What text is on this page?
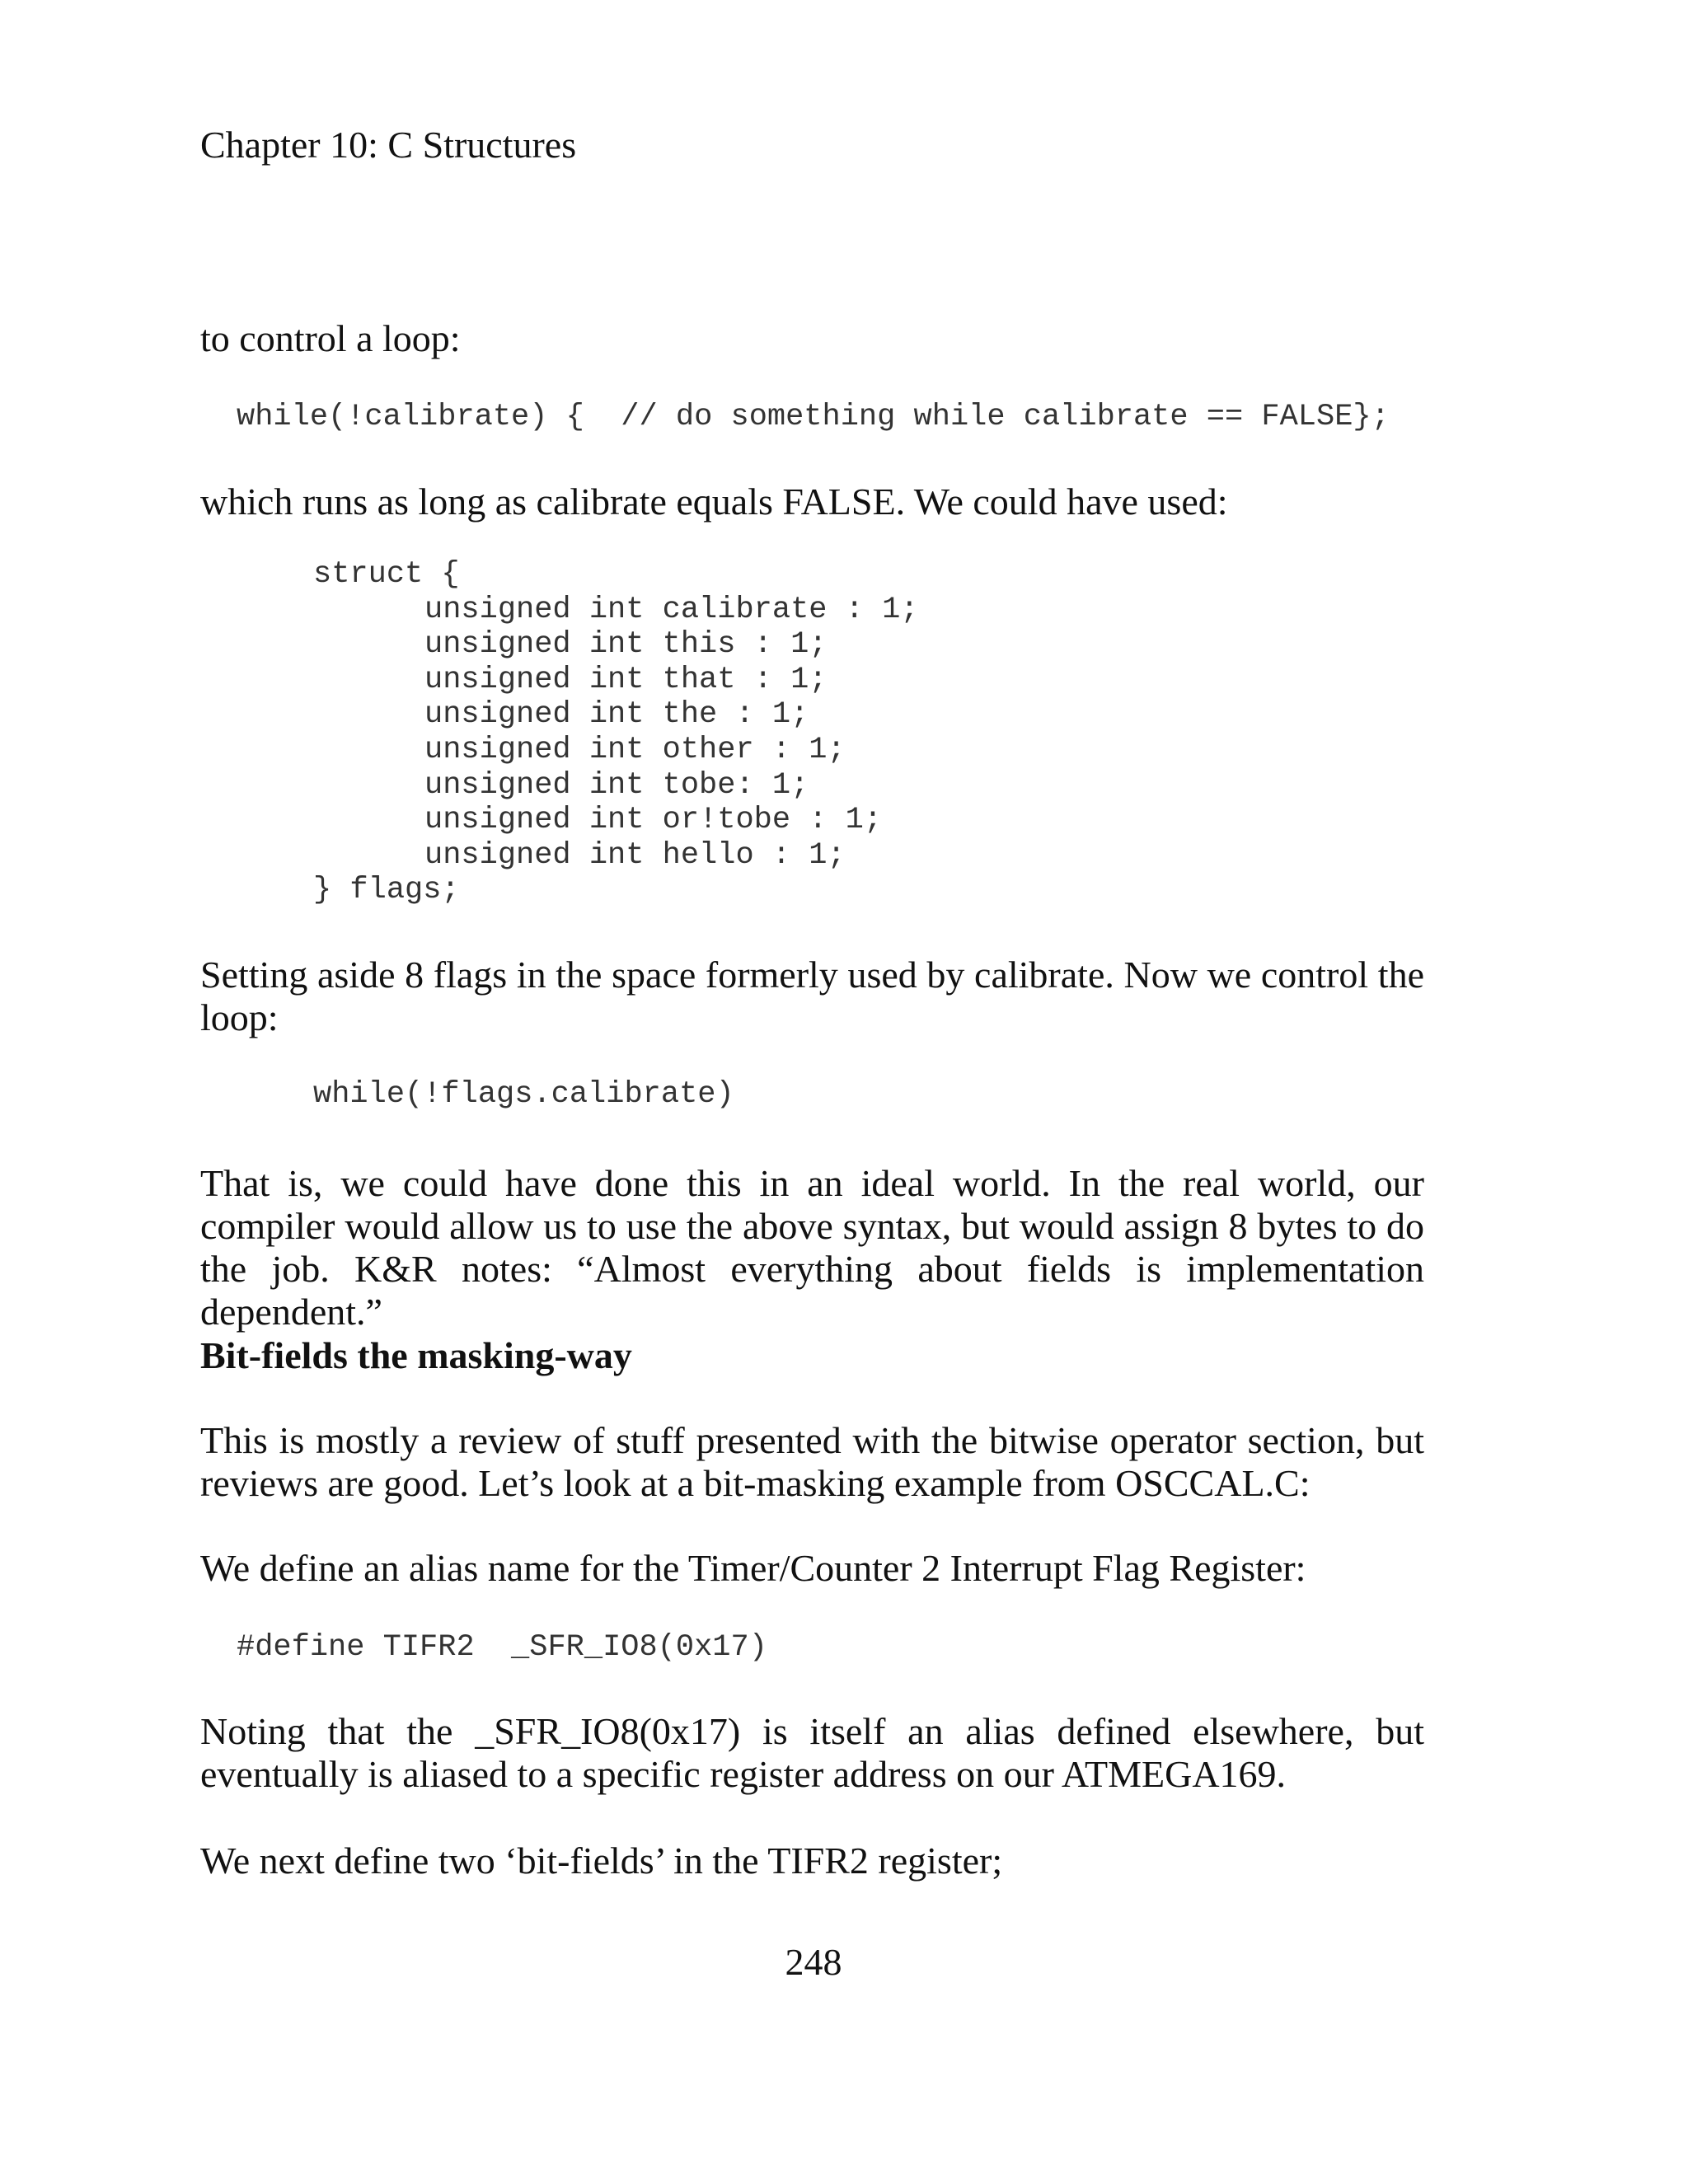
Chapter 10: C Structures

to control a loop:

while(!calibrate) {  // do something while calibrate == FALSE};

which runs as long as calibrate equals FALSE. We could have used:

struct {
unsigned int calibrate : 1;
unsigned int this : 1;
unsigned int that : 1;
unsigned int the : 1;
unsigned int other : 1;
unsigned int tobe: 1;
unsigned int or!tobe : 1;
unsigned int hello : 1;
} flags;

Setting aside 8 flags in the space formerly used by calibrate. Now we control the loop:

while(!flags.calibrate)

That is, we could have done this in an ideal world. In the real world, our compiler would allow us to use the above syntax, but would assign 8 bytes to do the job. K&R notes: “Almost everything about fields is implementation dependent.”

Bit-fields the masking-way

This is mostly a review of stuff presented with the bitwise operator section, but reviews are good. Let’s look at a bit-masking example from OSCCAL.C:

We define an alias name for the Timer/Counter 2 Interrupt Flag Register:

#define TIFR2  _SFR_IO8(0x17)

Noting that the _SFR_IO8(0x17) is itself an alias defined elsewhere, but eventually is aliased to a specific register address on our ATMEGA169.

We next define two ‘bit-fields’ in the TIFR2 register;

248
